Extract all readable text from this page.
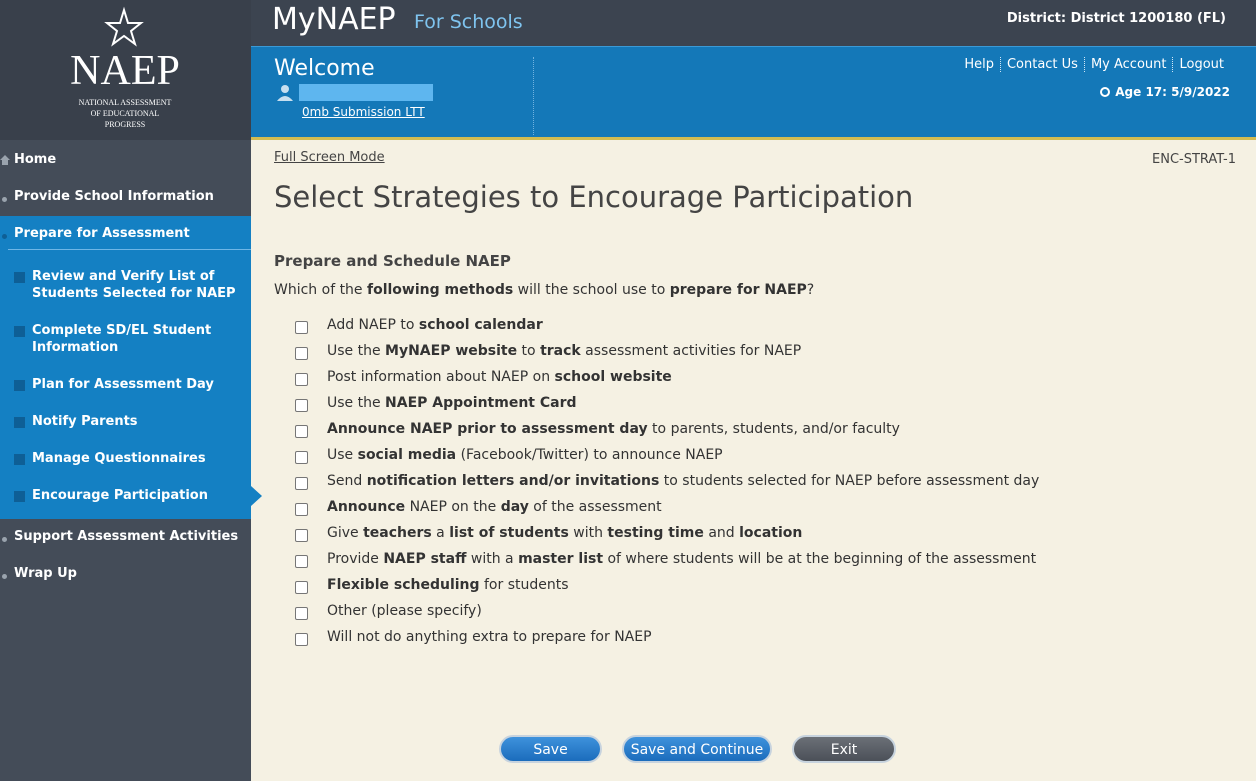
NAEP
NATIONAL ASSESSMENT
OF EDUCATIONAL
PROGRESS
MyNAEP For Schools	District: District 1200180 (FL)
Welcome
0mb Submission LTT
Help	Contact Us	My Account	Logout
Age 17: 5/9/2022
Home
Provide School Information
Prepare for Assessment
Review and Verify List of Students Selected for NAEP
Complete SD/EL Student Information
Plan for Assessment Day
Notify Parents
Manage Questionnaires
Encourage Participation
Support Assessment Activities
Wrap Up
Full Screen Mode	ENC-STRAT-1
Select Strategies to Encourage Participation
Prepare and Schedule NAEP
Which of the following methods will the school use to prepare for NAEP?
Add NAEP to school calendar
Use the MyNAEP website to track assessment activities for NAEP
Post information about NAEP on school website
Use the NAEP Appointment Card
Announce NAEP prior to assessment day to parents, students, and/or faculty
Use social media (Facebook/Twitter) to announce NAEP
Send notification letters and/or invitations to students selected for NAEP before assessment day
Announce NAEP on the day of the assessment
Give teachers a list of students with testing time and location
Provide NAEP staff with a master list of where students will be at the beginning of the assessment
Flexible scheduling for students
Other (please specify)
Will not do anything extra to prepare for NAEP
Save	Save and Continue	Exit
